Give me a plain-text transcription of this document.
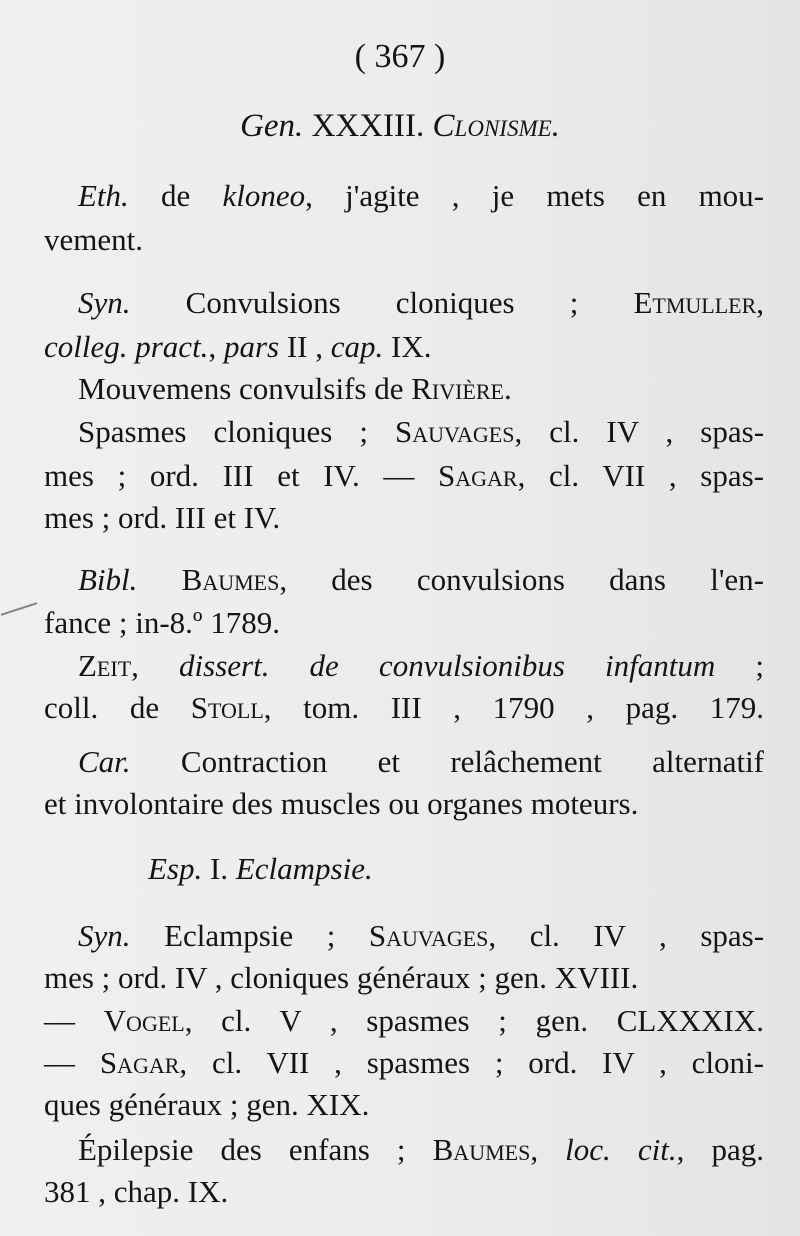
( 367 )
Gen. XXXIII. Clonisme.
Eth. de kloneo, j'agite , je mets en mou-
vement.
Syn. Convulsions cloniques ; Etmuller,
colleg. pract., pars II , cap. IX.
Mouvemens convulsifs de Rivière.
Spasmes cloniques ; Sauvages, cl. IV , spas-
mes ; ord. III et IV. — Sagar, cl. VII , spas-
mes ; ord. III et IV.
Bibl. Baumes, des convulsions dans l'en-
fance ; in-8.º 1789.
Zeit, dissert. de convulsionibus infantum ;
coll. de Stoll, tom. III , 1790 , pag. 179.
Car. Contraction et relâchement alternatif
et involontaire des muscles ou organes moteurs.
Esp. I. Eclampsie.
Syn. Eclampsie ; Sauvages, cl. IV , spas-
mes ; ord. IV , cloniques généraux ; gen. XVIII.
— Vogel, cl. V , spasmes ; gen. CLXXXIX.
— Sagar, cl. VII , spasmes ; ord. IV , cloni-
ques généraux ; gen. XIX.
Épilepsie des enfans ; Baumes, loc. cit., pag.
381 , chap. IX.
